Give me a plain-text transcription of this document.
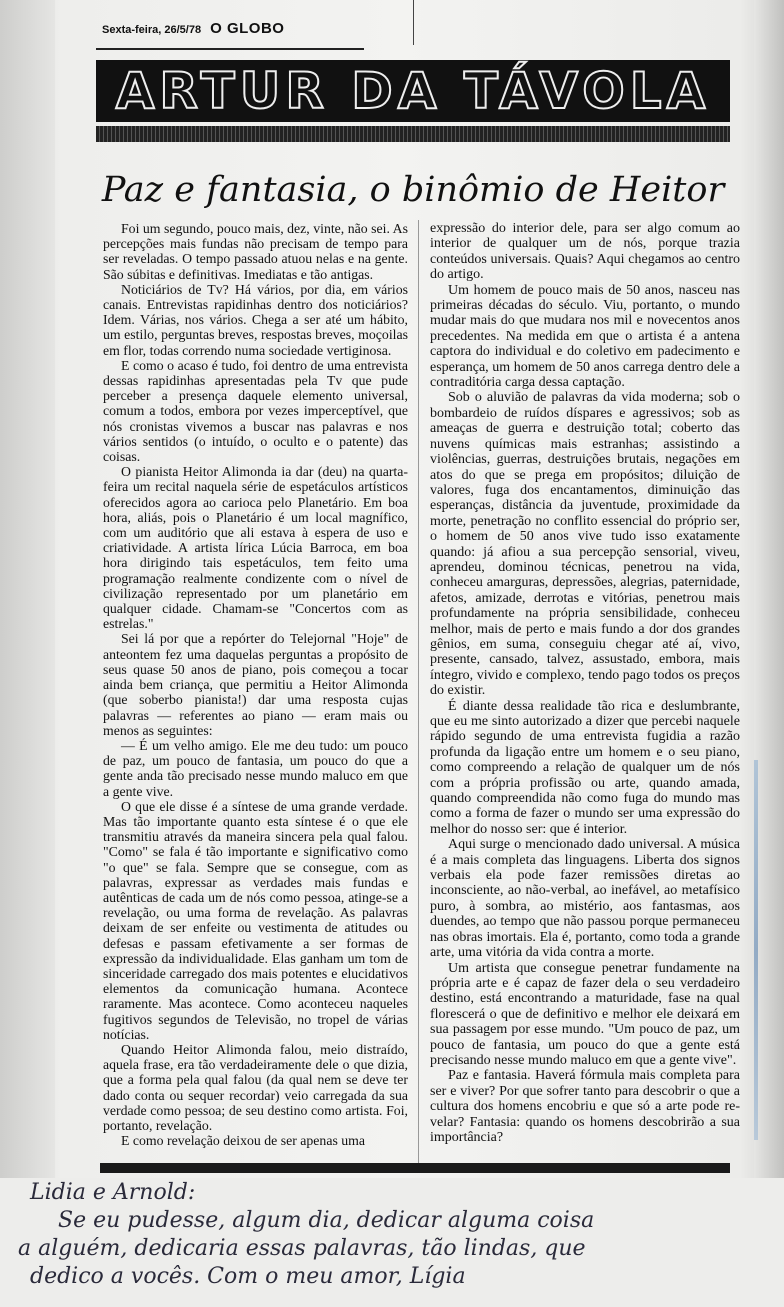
Sexta-feira, 26/5/78 O GLOBO
ARTUR DA TÁVOLA
Paz e fantasia, o binômio de Heitor

Foi um segundo, pouco mais, dez, vinte, não sei. As percepções mais fundas não precisam de tempo para ser reveladas. O tempo passado atuou nelas e na gente. São súbitas e definitivas. Imediatas e tão antigas.

Noticiários de Tv? Há vários, por dia, em vários canais. Entrevistas rapidinhas dentro dos noticiários? Idem. Várias, nos vários. Chega a ser até um hábito, um estilo, perguntas breves, respostas breves, moçoilas em flor, todas correndo numa sociedade vertiginosa.

E como o acaso é tudo, foi dentro de uma entrevista dessas rapidinhas apresentadas pela Tv que pude perceber a presença daquele elemento universal, comum a todos, embora por vezes imperceptível, que nós cronistas vivemos a buscar nas palavras e nos vários sentidos (o intuído, o oculto e o patente) das coisas.

O pianista Heitor Alimonda ia dar (deu) na quarta-feira um recital naquela série de espetáculos artísticos oferecidos agora ao carioca pelo Planetário. Em boa hora, aliás, pois o Planetário é um local magnífico, com um auditório que ali estava à espera de uso e criatividade. A artista lírica Lúcia Barroca, em boa hora dirigindo tais espetáculos, tem feito uma programação realmente condizente com o nível de civilização representado por um planetário em qualquer cidade. Chamam-se "Concertos com as estrelas."

Sei lá por que a repórter do Telejornal "Hoje" de anteontem fez uma daquelas perguntas a propósito de seus quase 50 anos de piano, pois começou a tocar ainda bem criança, que permitiu a Heitor Alimonda (que soberbo pianista!) dar uma resposta cujas palavras — referentes ao piano — eram mais ou menos as seguintes:

— É um velho amigo. Ele me deu tudo: um pouco de paz, um pouco de fantasia, um pouco do que a gente anda tão precisado nesse mundo maluco em que a gente vive.

O que ele disse é a síntese de uma grande verdade. Mas tão importante quanto esta síntese é o que ele transmitiu através da maneira sincera pela qual falou. "Como" se fala é tão importante e significativo como "o que" se fala. Sempre que se consegue, com as palavras, expressar as verdades mais fundas e autênticas de cada um de nós como pessoa, atinge-se a revelação, ou uma forma de revelação. As palavras deixam de ser enfeite ou vestimenta de atitudes ou defesas e passam efetivamente a ser formas de expressão da individualidade. Elas ganham um tom de sinceridade carregado dos mais potentes e elucidativos elementos da comunicação humana. Acontece raramente. Mas acontece. Como aconteceu naqueles fugitivos segundos de Televisão, no tropel de várias notícias.

Quando Heitor Alimonda falou, meio distraído, aquela frase, era tão verdadeiramente dele o que dizia, que a forma pela qual falou (da qual nem se deve ter dado conta ou sequer recordar) veio carregada da sua verdade como pessoa; de seu destino como artista. Foi, portanto, revelação.

E como revelação deixou de ser apenas uma

expressão do interior dele, para ser algo comum ao interior de qualquer um de nós, porque trazia conteúdos universais. Quais? Aqui chegamos ao centro do artigo.

Um homem de pouco mais de 50 anos, nasceu nas primeiras décadas do século. Viu, portanto, o mundo mudar mais do que mudara nos mil e novecentos anos precedentes. Na medida em que o artista é a antena captora do individual e do coletivo em padecimento e esperança, um homem de 50 anos carrega dentro dele a contraditória carga dessa captação.

Sob o aluvião de palavras da vida moderna; sob o bombardeio de ruídos díspares e agressivos; sob as ameaças de guerra e destruição total; coberto das nuvens químicas mais estranhas; assistindo a violências, guerras, destruições brutais, negações em atos do que se prega em propósitos; diluição de valores, fuga dos encantamentos, diminuição das esperanças, distância da juventude, proximidade da morte, penetração no conflito essencial do próprio ser, o homem de 50 anos vive tudo isso exatamente quando: já afiou a sua percepção sensorial, viveu, aprendeu, dominou técnicas, penetrou na vida, conheceu amarguras, depressões, alegrias, paternidade, afetos, amizade, derrotas e vitórias, penetrou mais profundamente na própria sensibilidade, conheceu melhor, mais de perto e mais fundo a dor dos grandes gênios, em suma, conseguiu chegar até aí, vivo, presente, cansado, talvez, assustado, embora, mais íntegro, vivido e complexo, tendo pago todos os preços do existir.

É diante dessa realidade tão rica e deslumbrante, que eu me sinto autorizado a dizer que percebi naquele rápido segundo de uma entrevista fugidia a razão profunda da ligação entre um homem e o seu piano, como compreendo a relação de qualquer um de nós com a própria profissão ou arte, quando amada, quando compreendida não como fuga do mundo mas como a forma de fazer o mundo ser uma expressão do melhor do nosso ser: que é interior.

Aqui surge o mencionado dado universal. A música é a mais completa das linguagens. Liberta dos signos verbais ela pode fazer remissões diretas ao inconsciente, ao não-verbal, ao inefável, ao metafísico puro, à sombra, ao mistério, aos fantasmas, aos duendes, ao tempo que não passou porque permaneceu nas obras imortais. Ela é, portanto, como toda a grande arte, uma vitória da vida contra a morte.

Um artista que consegue penetrar fundamente na própria arte e é capaz de fazer dela o seu verdadeiro destino, está encontrando a maturidade, fase na qual florescerá o que de definitivo e melhor ele deixará em sua passagem por esse mundo. "Um pouco de paz, um pouco de fantasia, um pouco do que a gente está precisando nesse mundo maluco em que a gente vive".

Paz e fantasia. Haverá fórmula mais completa para ser e viver? Por que sofrer tanto para descobrir o que a cultura dos homens encobriu e que só a arte pode re-velar? Fantasia: quando os homens descobrirão a sua importância?

Lidia e Arnold:
Se eu pudesse, algum dia, dedicar alguma coisa
a alguém, dedicaria essas palavras, tão lindas, que
dedico a vocês. Com o meu amor, Lígia
